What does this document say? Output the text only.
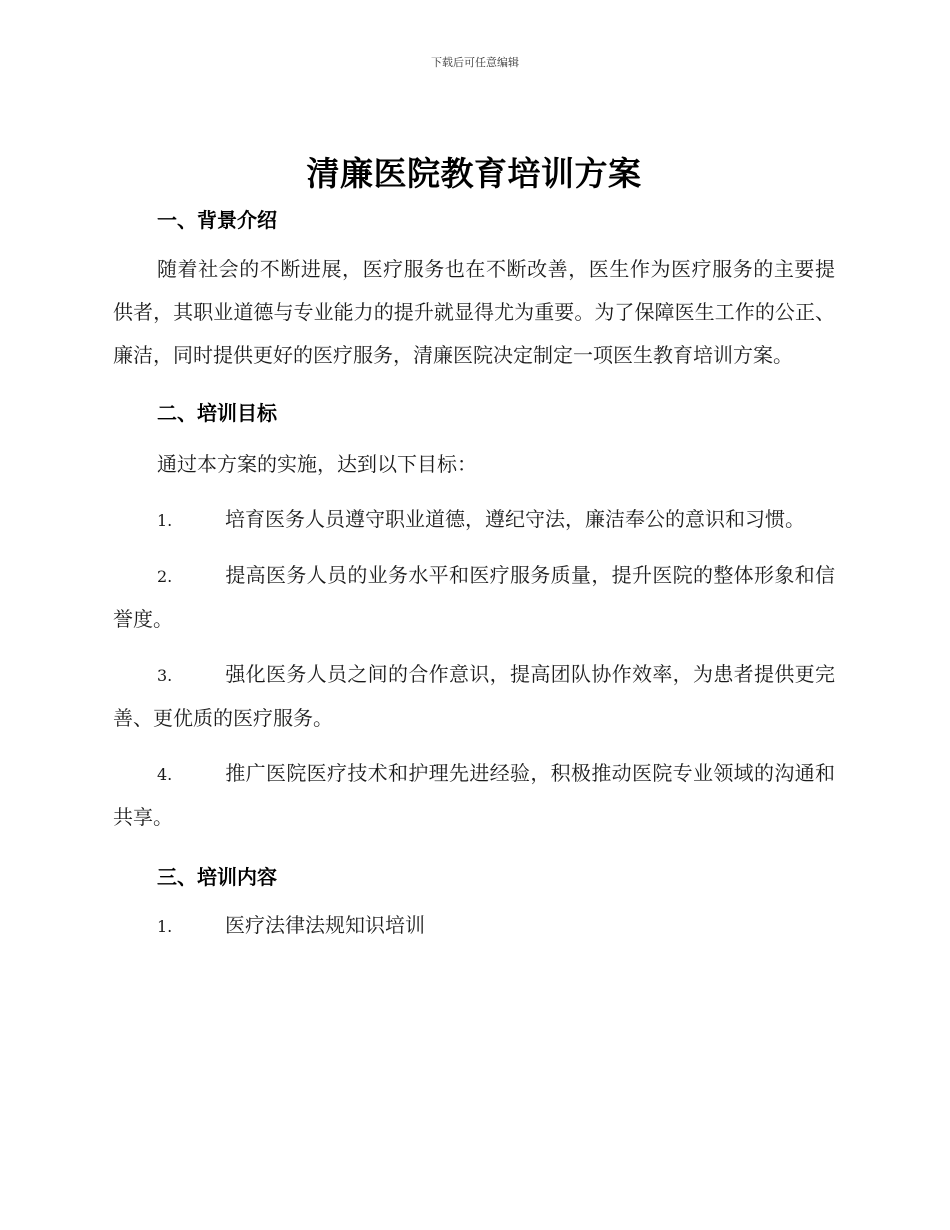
下载后可任意编辑
清廉医院教育培训方案
一、背景介绍

随着社会的不断进展，医疗服务也在不断改善，医生作为医疗服务的主要提供者，其职业道德与专业能力的提升就显得尤为重要。为了保障医生工作的公正、廉洁，同时提供更好的医疗服务，清廉医院决定制定一项医生教育培训方案。

二、培训目标

通过本方案的实施，达到以下目标：

1.	培育医务人员遵守职业道德，遵纪守法，廉洁奉公的意识和习惯。

2.	提高医务人员的业务水平和医疗服务质量，提升医院的整体形象和信誉度。

3.	强化医务人员之间的合作意识，提高团队协作效率，为患者提供更完善、更优质的医疗服务。

4.	推广医院医疗技术和护理先进经验，积极推动医院专业领域的沟通和共享。

三、培训内容

1.	医疗法律法规知识培训
